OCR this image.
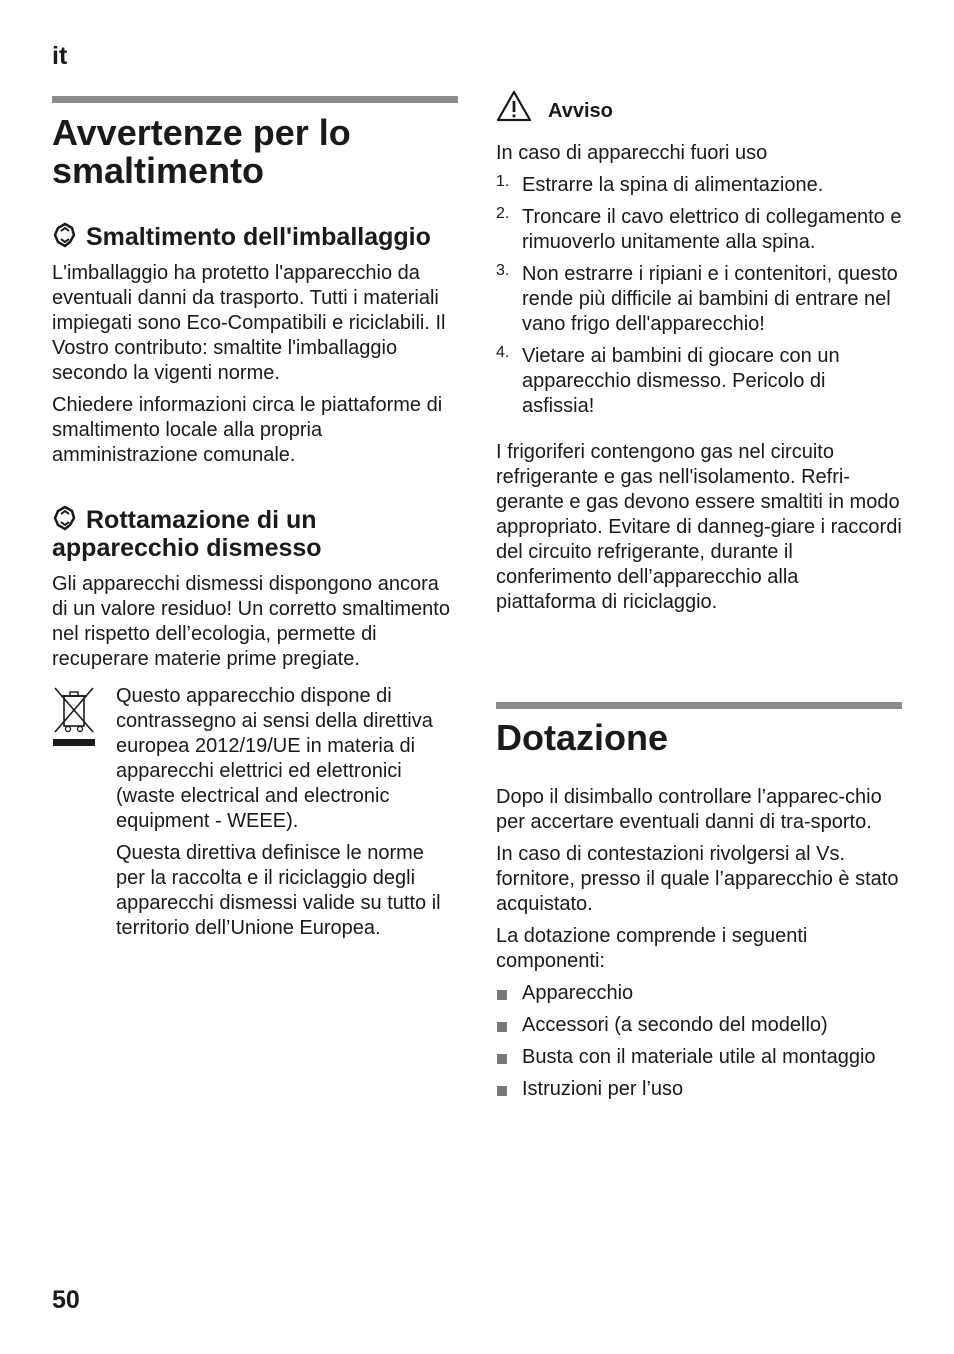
it
Avvertenze per lo smaltimento
Smaltimento dell'imballaggio

L'imballaggio ha protetto l'apparecchio da eventuali danni da trasporto. Tutti i materiali impiegati sono Eco-Compatibili e riciclabili. Il Vostro contributo: smaltite l'imballaggio secondo la vigenti norme.

Chiedere informazioni circa le piattaforme di smaltimento locale alla propria amministrazione comunale.

Rottamazione di un apparecchio dismesso

Gli apparecchi dismessi dispongono ancora di un valore residuo! Un corretto smaltimento nel rispetto dell’ecologia, permette di recuperare materie prime pregiate.

Questo apparecchio dispone di contrassegno ai sensi della direttiva europea 2012/19/UE in materia di apparecchi elettrici ed elettronici (waste electrical and electronic equipment - WEEE).

Questa direttiva definisce le norme per la raccolta e il riciclaggio degli apparecchi dismessi valide su tutto il territorio dell’Unione Europea.

Avviso

In caso di apparecchi fuori uso

1. Estrarre la spina di alimentazione.
2. Troncare il cavo elettrico di collegamento e rimuoverlo unitamente alla spina.
3. Non estrarre i ripiani e i contenitori, questo rende più difficile ai bambini di entrare nel vano frigo dell'apparecchio!
4. Vietare ai bambini di giocare con un apparecchio dismesso. Pericolo di asfissia!

I frigoriferi contengono gas nel circuito refrigerante e gas nell'isolamento. Refri-gerante e gas devono essere smaltiti in modo appropriato. Evitare di danneg-giare i raccordi del circuito refrigerante, durante il conferimento dell’apparecchio alla piattaforma di riciclaggio.

Dotazione

Dopo il disimballo controllare l’apparec-chio per accertare eventuali danni di tra-sporto.

In caso di contestazioni rivolgersi al Vs. fornitore, presso il quale l’apparecchio è stato acquistato.

La dotazione comprende i seguenti componenti:

Apparecchio
Accessori (a secondo del modello)
Busta con il materiale utile al montaggio
Istruzioni per l’uso
50
